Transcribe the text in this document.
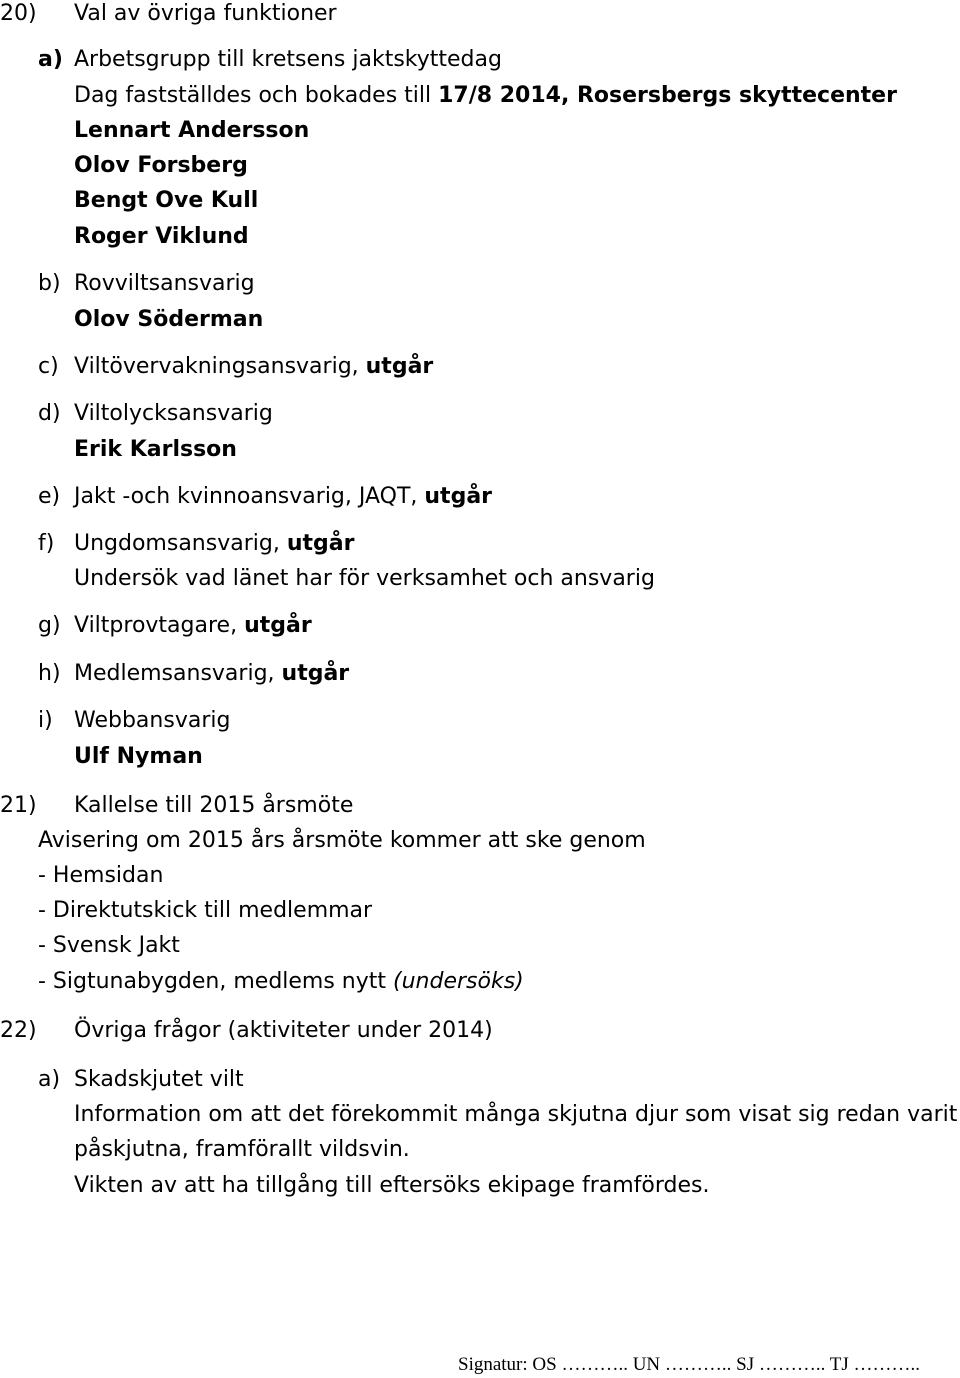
20) Val av övriga funktioner
a) Arbetsgrupp till kretsens jaktskyttedag
Dag fastställdes och bokades till 17/8 2014, Rosersbergs skyttecenter
Lennart Andersson
Olov Forsberg
Bengt Ove Kull
Roger Viklund
b) Rovviltsansvarig
Olov Söderman
c) Viltövervakningsansvarig, utgår
d) Viltolycksansvarig
Erik Karlsson
e) Jakt -och kvinnoansvarig, JAQT, utgår
f) Ungdomsansvarig, utgår
Undersök vad länet har för verksamhet och ansvarig
g) Viltprovtagare, utgår
h) Medlemsansvarig, utgår
i) Webbansvarig
Ulf Nyman
21) Kallelse till 2015 årsmöte
Avisering om 2015 års årsmöte kommer att ske genom
- Hemsidan
- Direktutskick till medlemmar
- Svensk Jakt
- Sigtunabygden, medlems nytt (undersöks)
22) Övriga frågor (aktiviteter under 2014)
a) Skadskjutet vilt
Information om att det förekommit många skjutna djur som visat sig redan varit
påskjutna, framförallt vildsvin.
Vikten av att ha tillgång till eftersöks ekipage framfördes.
Signatur: OS ……….. UN ……….. SJ ……….. TJ ………..
